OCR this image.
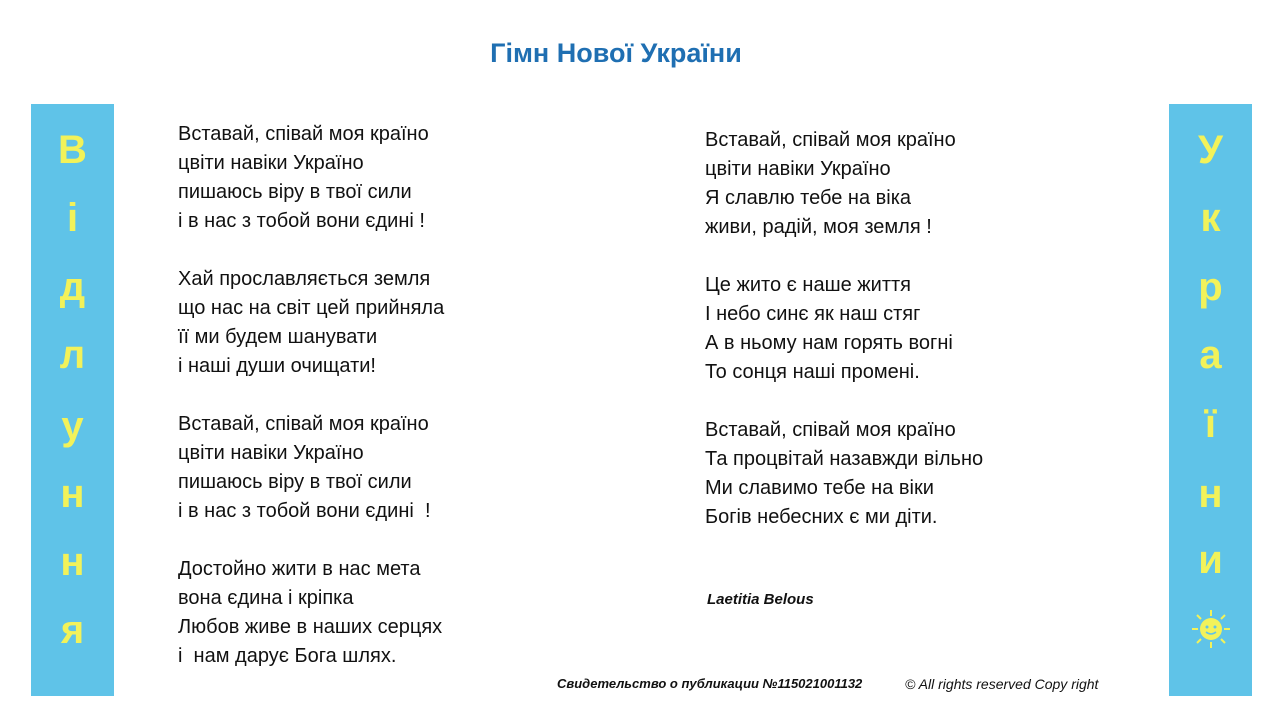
Гімн Нової України
В
і
д
л
у
н
н
я
У
к
р
а
ї
н
и
Вставай, співай моя країно
цвіти навіки Україно
пишаюсь віру в твої сили
і в нас з тобой вони єдині !
Хай прославляється земля
що нас на світ цей прийняла
її ми будем шанувати
і наші души очищати!
Вставай, співай моя країно
цвіти навіки Україно
пишаюсь віру в твої сили
і в нас з тобой вони єдині  !
Достойно жити в нас мета
вона єдина і кріпка
Любов живе в наших серцях
і  нам дарує Бога шлях.
Вставай, співай моя країно
цвіти навіки Україно
Я славлю тебе на віка
живи, радій, моя земля !
Це жито є наше життя
І небо синє як наш стяг
А в ньому нам горять вогні
То сонця наші промені.
Вставай, співай моя країно
Та процвітай назавжди вільно
Ми славимо тебе на віки
Богів небесних є ми діти.
Laetitia Belous
Свидетельство о публикации №115021001132	© All rights reserved Copy right
